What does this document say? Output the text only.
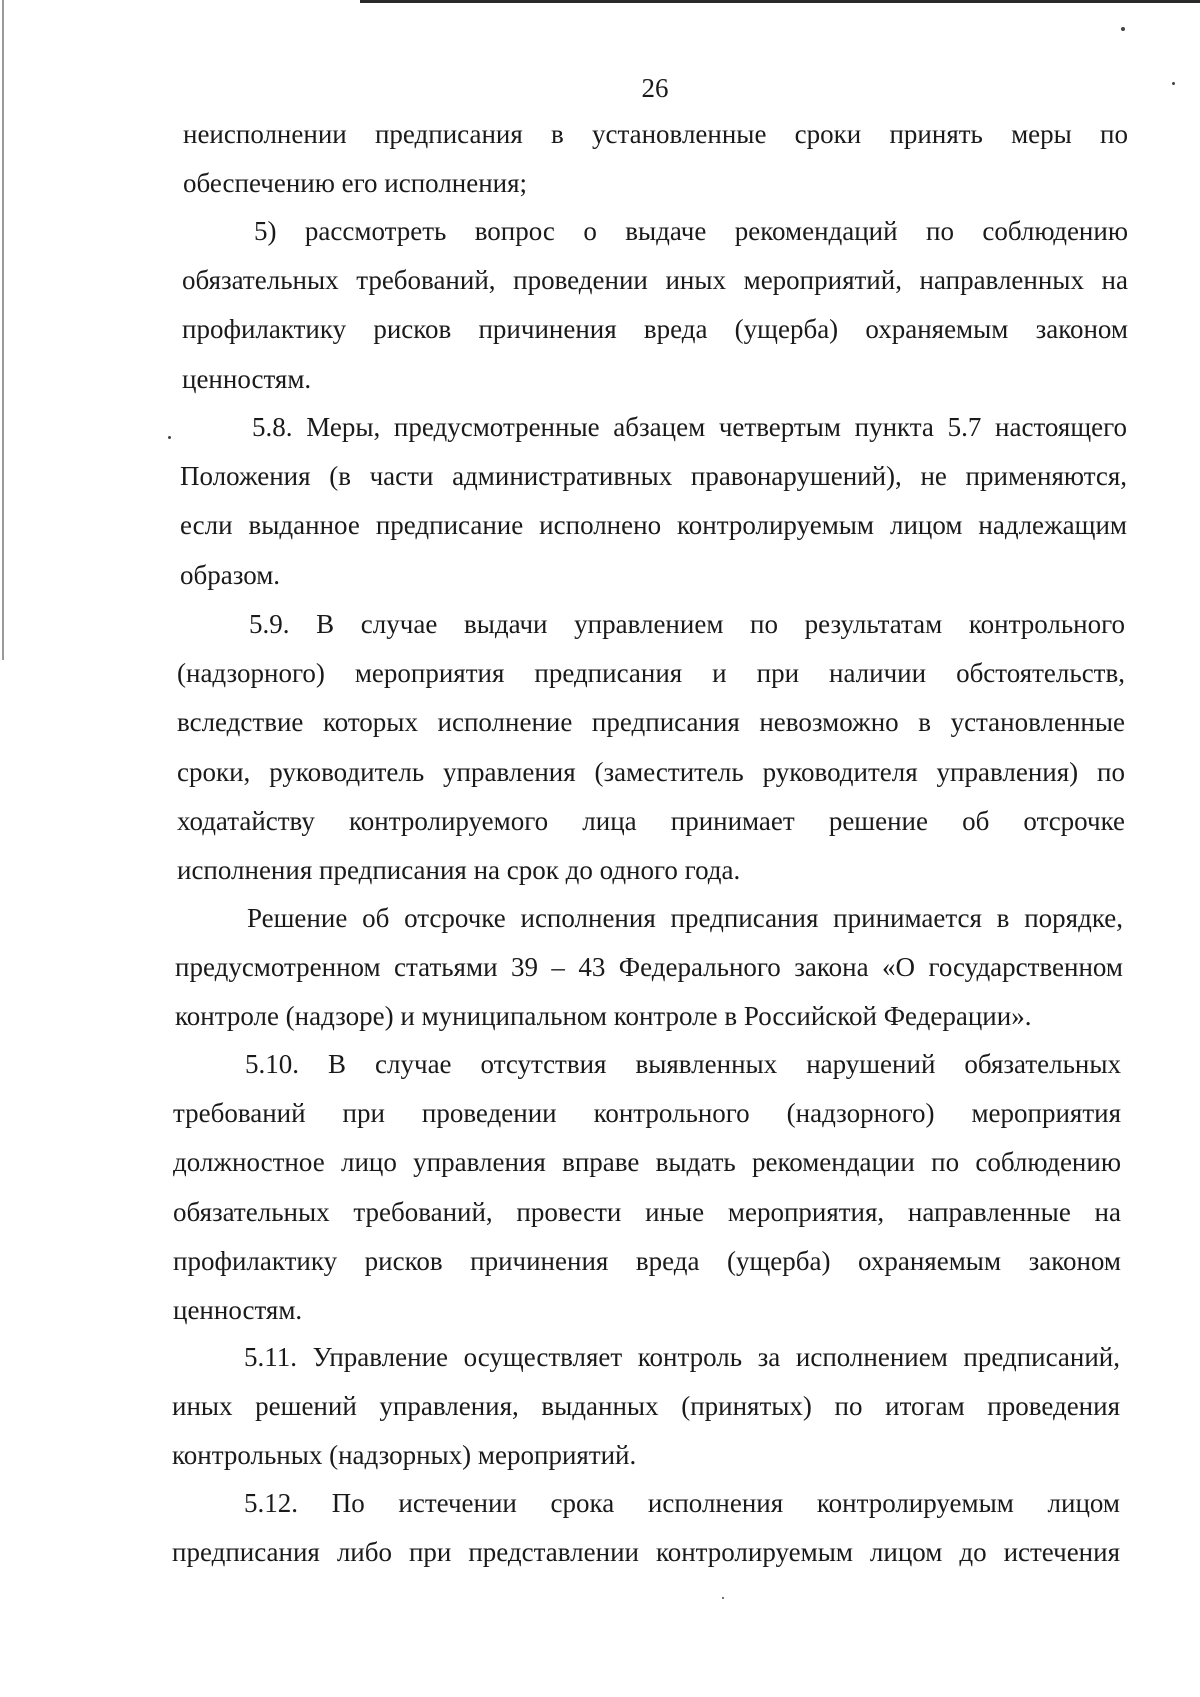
26
неисполнении предписания в установленные сроки принять меры по
обеспечению его исполнения;
5) рассмотреть вопрос о выдаче рекомендаций по соблюдению
обязательных требований, проведении иных мероприятий, направленных на
профилактику рисков причинения вреда (ущерба) охраняемым законом
ценностям.
5.8. Меры, предусмотренные абзацем четвертым пункта 5.7 настоящего
Положения (в части административных правонарушений), не применяются,
если выданное предписание исполнено контролируемым лицом надлежащим
образом.
5.9. В случае выдачи управлением по результатам контрольного
(надзорного) мероприятия предписания и при наличии обстоятельств,
вследствие которых исполнение предписания невозможно в установленные
сроки, руководитель управления (заместитель руководителя управления) по
ходатайству контролируемого лица принимает решение об отсрочке
исполнения предписания на срок до одного года.
Решение об отсрочке исполнения предписания принимается в порядке,
предусмотренном статьями 39 – 43 Федерального закона «О государственном
контроле (надзоре) и муниципальном контроле в Российской Федерации».
5.10. В случае отсутствия выявленных нарушений обязательных
требований при проведении контрольного (надзорного) мероприятия
должностное лицо управления вправе выдать рекомендации по соблюдению
обязательных требований, провести иные мероприятия, направленные на
профилактику рисков причинения вреда (ущерба) охраняемым законом
ценностям.
5.11. Управление осуществляет контроль за исполнением предписаний,
иных решений управления, выданных (принятых) по итогам проведения
контрольных (надзорных) мероприятий.
5.12. По истечении срока исполнения контролируемым лицом
предписания либо при представлении контролируемым лицом до истечения
